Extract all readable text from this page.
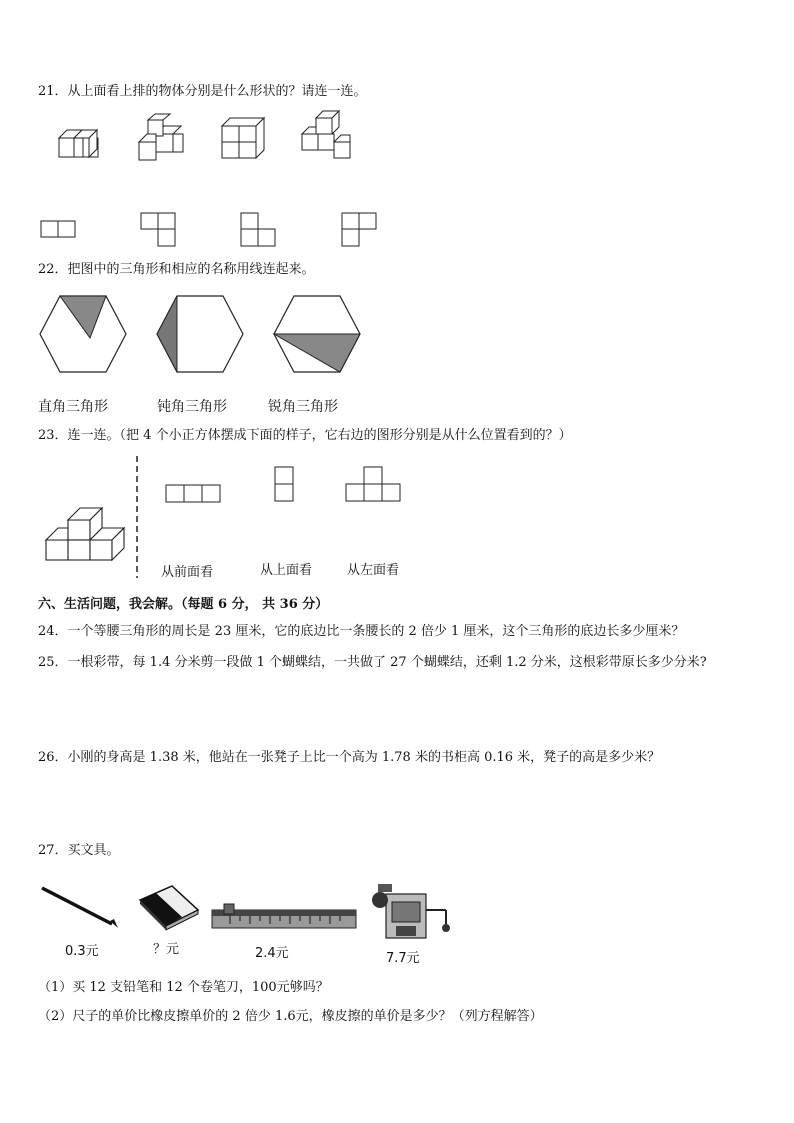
21．从上面看上排的物体分别是什么形状的？请连一连。
22．把图中的三角形和相应的名称用线连起来。
直角三角形	钝角三角形	锐角三角形
23．连一连。（把 4 个小正方体摆成下面的样子，它右边的图形分别是从什么位置看到的？）
从前面看	从上面看	从左面看
六、生活问题，我会解。（每题 6 分， 共 36 分）
24．一个等腰三角形的周长是 23 厘米，它的底边比一条腰长的 2 倍少 1 厘米，这个三角形的底边长多少厘米？
25．一根彩带，每 1.4 分米剪一段做 1 个蝴蝶结，一共做了 27 个蝴蝶结，还剩 1.2 分米，这根彩带原长多少分米?
26．小刚的身高是 1.38 米，他站在一张凳子上比一个高为 1.78 米的书柜高 0.16 米，凳子的高是多少米？
27．买文具。
0.3元	？元	2.4元	7.7元
（1）买 12 支铅笔和 12 个卷笔刀，100元够吗？
（2）尺子的单价比橡皮擦单价的 2 倍少 1.6元，橡皮擦的单价是多少？（列方程解答）
